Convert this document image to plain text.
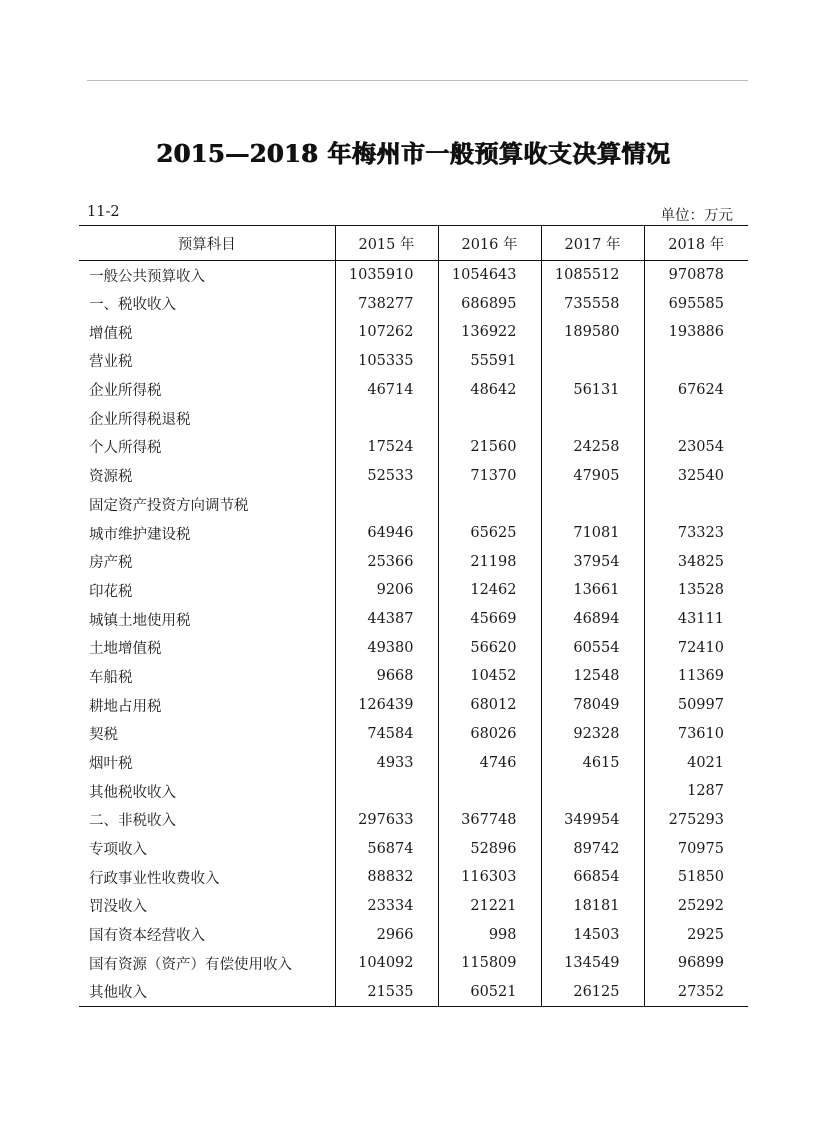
2015—2018 年梅州市一般预算收支决算情况
11-2	单位：万元
预算科目	2015 年	2016 年	2017 年	2018 年
一般公共预算收入	1035910	1054643	1085512	970878
一、税收收入	738277	686895	735558	695585
增值税	107262	136922	189580	193886
营业税	105335	55591		
企业所得税	46714	48642	56131	67624
企业所得税退税				
个人所得税	17524	21560	24258	23054
资源税	52533	71370	47905	32540
固定资产投资方向调节税				
城市维护建设税	64946	65625	71081	73323
房产税	25366	21198	37954	34825
印花税	9206	12462	13661	13528
城镇土地使用税	44387	45669	46894	43111
土地增值税	49380	56620	60554	72410
车船税	9668	10452	12548	11369
耕地占用税	126439	68012	78049	50997
契税	74584	68026	92328	73610
烟叶税	4933	4746	4615	4021
其他税收收入				1287
二、非税收入	297633	367748	349954	275293
专项收入	56874	52896	89742	70975
行政事业性收费收入	88832	116303	66854	51850
罚没收入	23334	21221	18181	25292
国有资本经营收入	2966	998	14503	2925
国有资源（资产）有偿使用收入	104092	115809	134549	96899
其他收入	21535	60521	26125	27352
